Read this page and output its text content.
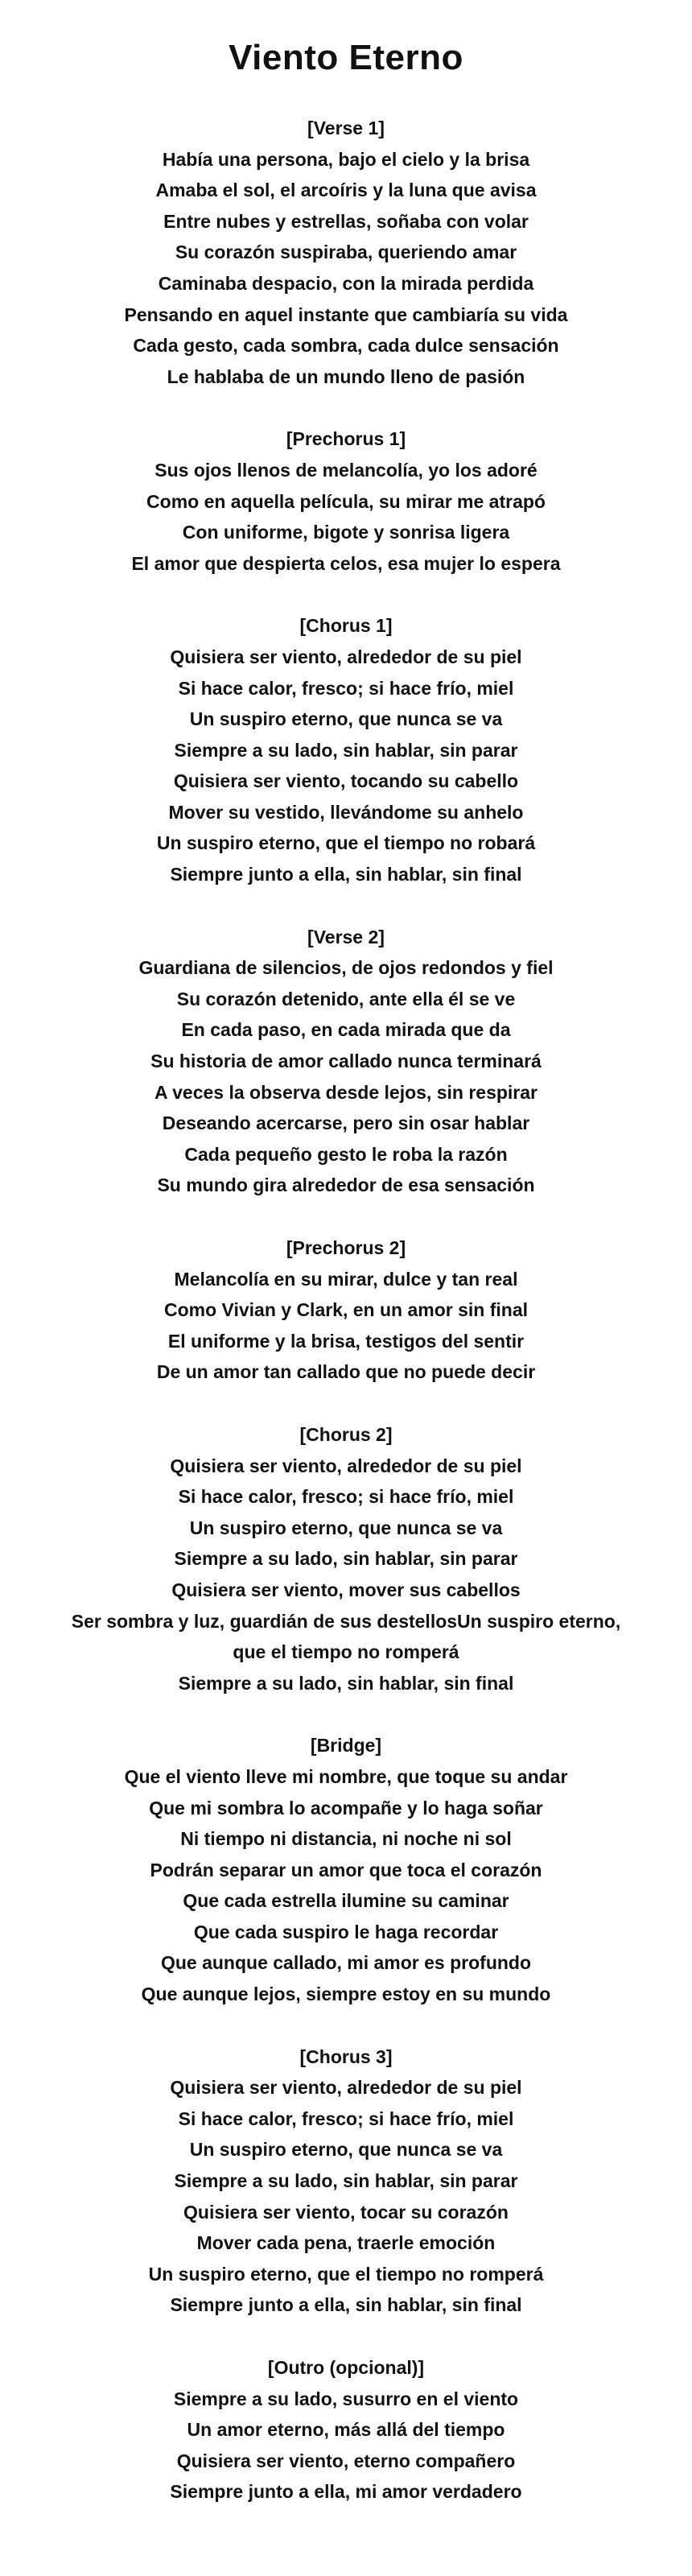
Viento Eterno

[Verse 1]

Había una persona, bajo el cielo y la brisa

Amaba el sol, el arcoíris y la luna que avisa

Entre nubes y estrellas, soñaba con volar

Su corazón suspiraba, queriendo amar

Caminaba despacio, con la mirada perdida

Pensando en aquel instante que cambiaría su vida

Cada gesto, cada sombra, cada dulce sensación

Le hablaba de un mundo lleno de pasión

[Prechorus 1]

Sus ojos llenos de melancolía, yo los adoré

Como en aquella película, su mirar me atrapó

Con uniforme, bigote y sonrisa ligera

El amor que despierta celos, esa mujer lo espera

[Chorus 1]

Quisiera ser viento, alrededor de su piel

Si hace calor, fresco; si hace frío, miel

Un suspiro eterno, que nunca se va

Siempre a su lado, sin hablar, sin parar

Quisiera ser viento, tocando su cabello

Mover su vestido, llevándome su anhelo

Un suspiro eterno, que el tiempo no robará

Siempre junto a ella, sin hablar, sin final

[Verse 2]

Guardiana de silencios, de ojos redondos y fiel

Su corazón detenido, ante ella él se ve

En cada paso, en cada mirada que da

Su historia de amor callado nunca terminará

A veces la observa desde lejos, sin respirar

Deseando acercarse, pero sin osar hablar

Cada pequeño gesto le roba la razón

Su mundo gira alrededor de esa sensación

[Prechorus 2]

Melancolía en su mirar, dulce y tan real

Como Vivian y Clark, en un amor sin final

El uniforme y la brisa, testigos del sentir

De un amor tan callado que no puede decir

[Chorus 2]

Quisiera ser viento, alrededor de su piel

Si hace calor, fresco; si hace frío, miel

Un suspiro eterno, que nunca se va

Siempre a su lado, sin hablar, sin parar

Quisiera ser viento, mover sus cabellos

Ser sombra y luz, guardián de sus destellosUn suspiro eterno,

que el tiempo no romperá

Siempre a su lado, sin hablar, sin final

[Bridge]

Que el viento lleve mi nombre, que toque su andar

Que mi sombra lo acompañe y lo haga soñar

Ni tiempo ni distancia, ni noche ni sol

Podrán separar un amor que toca el corazón

Que cada estrella ilumine su caminar

Que cada suspiro le haga recordar

Que aunque callado, mi amor es profundo

Que aunque lejos, siempre estoy en su mundo

[Chorus 3]

Quisiera ser viento, alrededor de su piel

Si hace calor, fresco; si hace frío, miel

Un suspiro eterno, que nunca se va

Siempre a su lado, sin hablar, sin parar

Quisiera ser viento, tocar su corazón

Mover cada pena, traerle emoción

Un suspiro eterno, que el tiempo no romperá

Siempre junto a ella, sin hablar, sin final

[Outro (opcional)]

Siempre a su lado, susurro en el viento

Un amor eterno, más allá del tiempo

Quisiera ser viento, eterno compañero

Siempre junto a ella, mi amor verdadero
